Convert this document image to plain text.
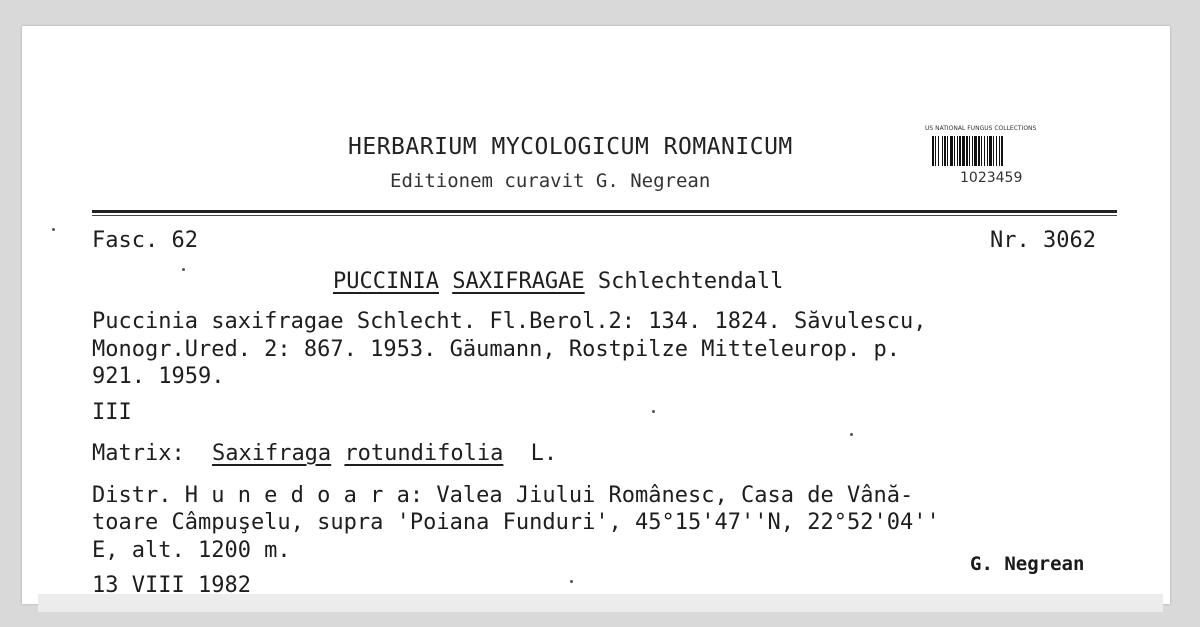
HERBARIUM MYCOLOGICUM ROMANICUM
Editionem curavit G. Negrean
US NATIONAL FUNGUS COLLECTIONS
1023459
Fasc. 62	Nr. 3062
PUCCINIA SAXIFRAGAE Schlechtendall
Puccinia saxifragae Schlecht. Fl.Berol.2: 134. 1824. Săvulescu,
Monogr.Ured. 2: 867. 1953. Gäumann, Rostpilze Mitteleurop. p.
921. 1959.
III
Matrix: Saxifraga rotundifolia L.
Distr. H u n e d o a r a: Valea Jiului Românesc, Casa de Vână-
toare Câmpuşelu, supra 'Poiana Funduri', 45°15'47''N, 22°52'04''
E, alt. 1200 m.
13 VIII 1982
G. Negrean
